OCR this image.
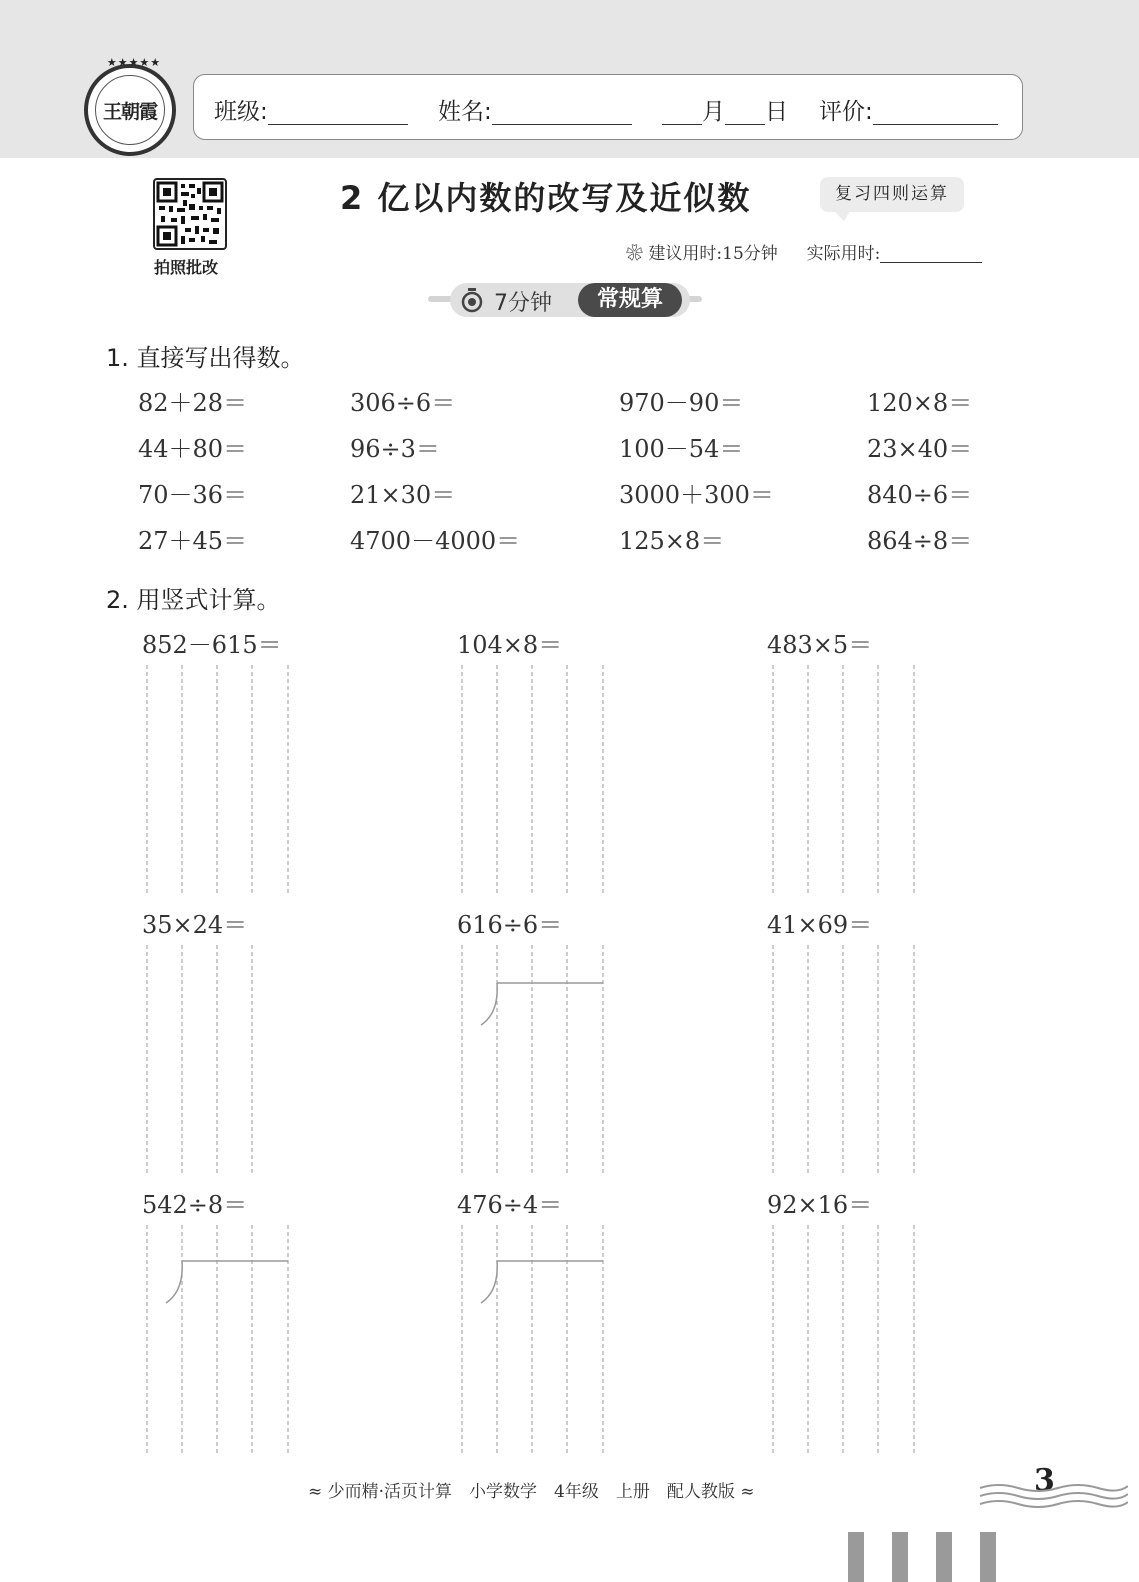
★★★★★
王朝霞 班级:	姓名:	月 日 评价:
拍照批改
2 亿以内数的改写及近似数	复习四则运算
❀ 建议用时:15分钟 实际用时:
7分钟	常规算
1. 直接写出得数。
82＋28＝	306÷6＝	970－90＝	120×8＝
44＋80＝	96÷3＝	100－54＝	23×40＝
70－36＝	21×30＝	3000＋300＝	840÷6＝
27＋45＝	4700－4000＝	125×8＝	864÷8＝
2. 用竖式计算。
852－615＝	104×8＝	483×5＝
35×24＝	616÷6＝	41×69＝
542÷8＝	476÷4＝	92×16＝
≈ 少而精·活页计算　小学数学　4年级　上册　配人教版 ≈	3
